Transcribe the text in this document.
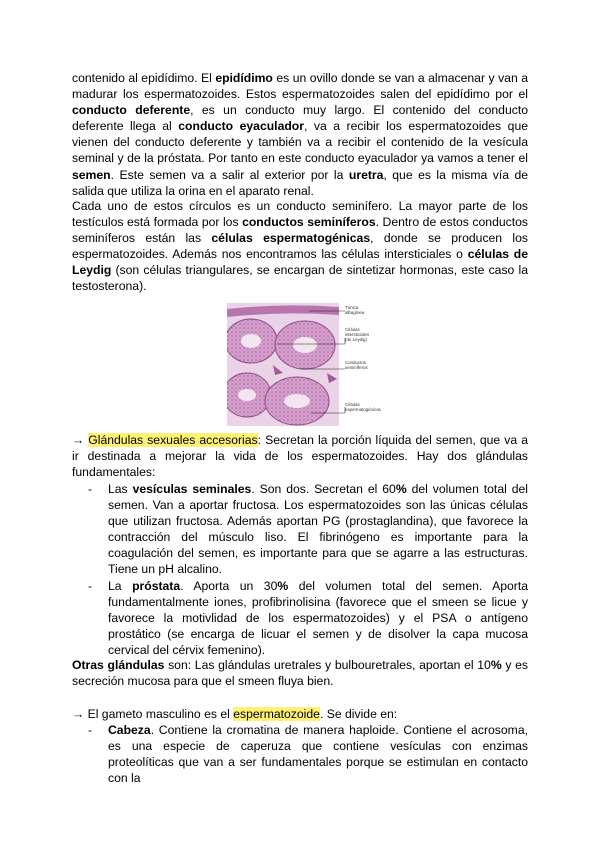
contenido al epidídimo. El epidídimo es un ovillo donde se van a almacenar y van a madurar los espermatozoides. Estos espermatozoides salen del epidídimo por el conducto deferente, es un conducto muy largo. El contenido del conducto deferente llega al conducto eyaculador, va a recibir los espermatozoides que vienen del conducto deferente y también va a recibir el contenido de la vesícula seminal y de la próstata. Por tanto en este conducto eyaculador ya vamos a tener el semen. Este semen va a salir al exterior por la uretra, que es la misma vía de salida que utiliza la orina en el aparato renal.

Cada uno de estos círculos es un conducto seminífero. La mayor parte de los testículos está formada por los conductos seminíferos. Dentro de estos conductos seminíferos están las células espermatogénicas, donde se producen los espermatozoides. Además nos encontramos las células intersticiales o células de Leydig (son células triangulares, se encargan de sintetizar hormonas, este caso la testosterona).

Túnica albugínea
Células intersticiales (de Leydig)
Conductos seminíferos
Células espermatogénicas

→ Glándulas sexuales accesorias: Secretan la porción líquida del semen, que va a ir destinada a mejorar la vida de los espermatozoides. Hay dos glándulas fundamentales:

- Las vesículas seminales. Son dos. Secretan el 60% del volumen total del semen. Van a aportar fructosa. Los espermatozoides son las únicas células que utilizan fructosa. Además aportan PG (prostaglandina), que favorece la contracción del músculo liso. El fibrinógeno es importante para la coagulación del semen, es importante para que se agarre a las estructuras. Tiene un pH alcalino.
- La próstata. Aporta un 30% del volumen total del semen. Aporta fundamentalmente iones, profibrinolisina (favorece que el smeen se licue y favorece la motivlidad de los espermatozoides) y el PSA o antígeno prostático (se encarga de licuar el semen y de disolver la capa mucosa cervical del cérvix femenino).

Otras glándulas son: Las glándulas uretrales y bulbouretrales, aportan el 10% y es secreción mucosa para que el smeen fluya bien.

→ El gameto masculino es el espermatozoide. Se divide en:

- Cabeza. Contiene la cromatina de manera haploide. Contiene el acrosoma, es una especie de caperuza que contiene vesículas con enzimas proteolíticas que van a ser fundamentales porque se estimulan en contacto con la
